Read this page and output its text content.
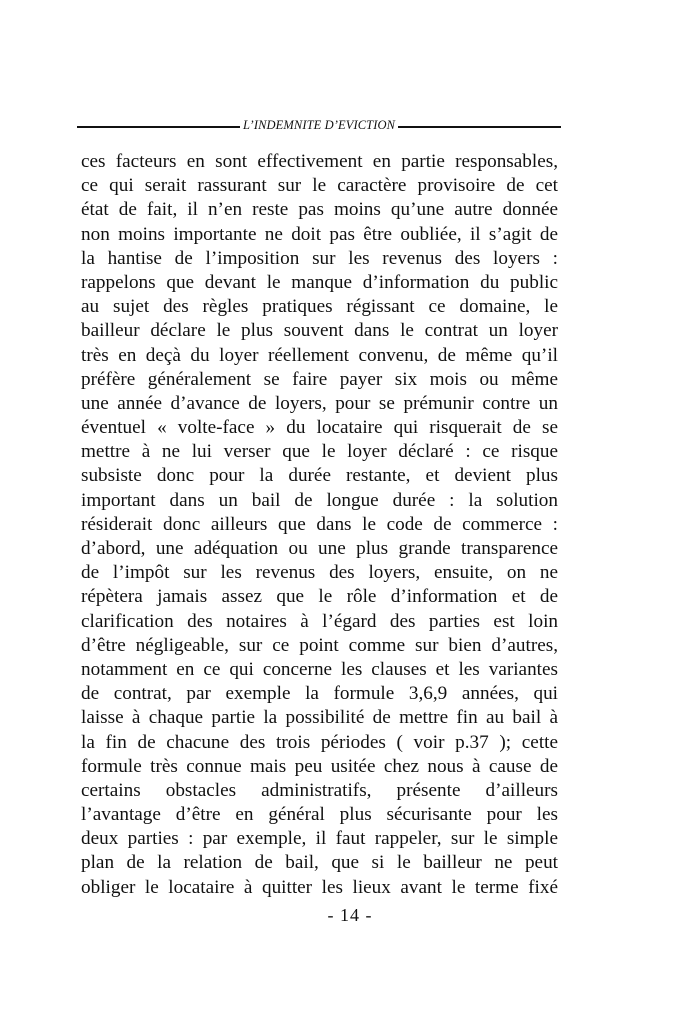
L’INDEMNITE D’EVICTION
ces facteurs en sont effectivement en partie responsables,
ce qui serait rassurant sur le caractère provisoire de cet
état de fait, il n’en reste pas moins qu’une autre donnée
non moins importante ne doit pas être oubliée, il s’agit de
la hantise de l’imposition sur les revenus des loyers :
rappelons que devant le manque d’information du public
au sujet des règles pratiques régissant ce domaine, le
bailleur déclare le plus souvent dans le contrat un loyer
très en deçà du loyer réellement convenu, de même qu’il
préfère généralement se faire payer six mois ou même
une année d’avance de loyers, pour se prémunir contre un
éventuel « volte-face » du locataire qui risquerait de se
mettre à ne lui verser que le loyer déclaré : ce risque
subsiste donc pour la durée restante, et devient plus
important dans un bail de longue durée : la solution
résiderait donc ailleurs que dans le code de commerce :
d’abord, une adéquation ou une plus grande transparence
de l’impôt sur les revenus des loyers, ensuite, on ne
répètera jamais assez que le rôle d’information et de
clarification des notaires à l’égard des parties est loin
d’être négligeable, sur ce point comme sur bien d’autres,
notamment en ce qui concerne les clauses et les variantes
de contrat, par exemple la formule 3,6,9 années, qui
laisse à chaque partie la possibilité de mettre fin au bail à
la fin de chacune des trois périodes ( voir p.37 ); cette
formule très connue mais peu usitée chez nous à cause de
certains obstacles administratifs, présente d’ailleurs
l’avantage d’être en général plus sécurisante pour les
deux parties : par exemple, il faut rappeler, sur le simple
plan de la relation de bail, que si le bailleur ne peut
obliger le locataire à quitter les lieux avant le terme fixé
- 14 -
